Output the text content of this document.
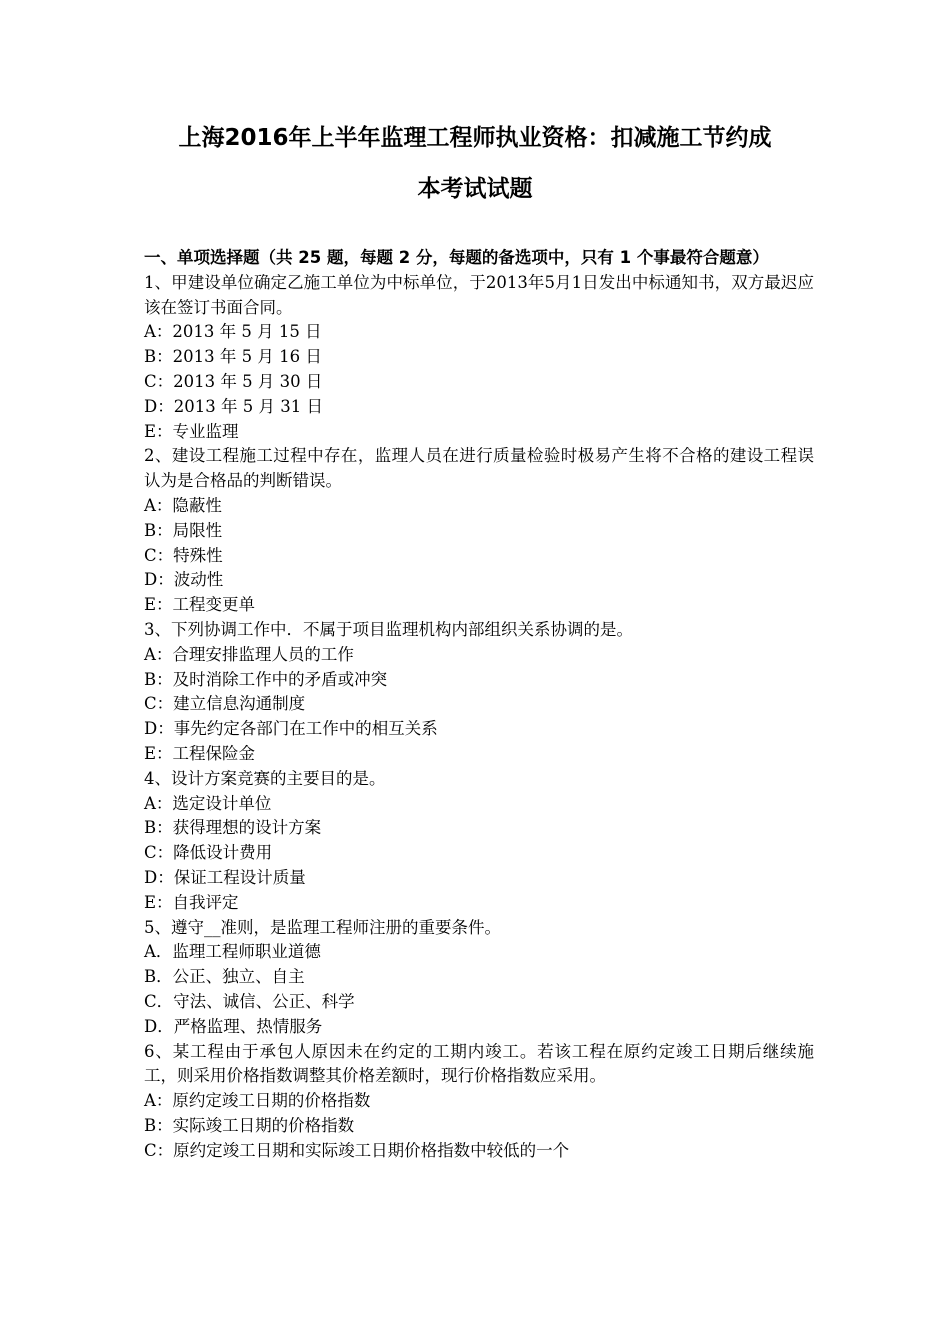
上海2016年上半年监理工程师执业资格：扣减施工节约成
本考试试题
一、单项选择题（共 25 题，每题 2 分，每题的备选项中，只有 1 个事最符合题意）
1、甲建设单位确定乙施工单位为中标单位，于2013年5月1日发出中标通知书，双方最迟应该在签订书面合同。
A：2013 年 5 月 15 日
B：2013 年 5 月 16 日
C：2013 年 5 月 30 日
D：2013 年 5 月 31 日
E：专业监理
2、建设工程施工过程中存在，监理人员在进行质量检验时极易产生将不合格的建设工程误认为是合格品的判断错误。
A：隐蔽性
B：局限性
C：特殊性
D：波动性
E：工程变更单
3、下列协调工作中．不属于项目监理机构内部组织关系协调的是。
A：合理安排监理人员的工作
B：及时消除工作中的矛盾或冲突
C：建立信息沟通制度
D：事先约定各部门在工作中的相互关系
E：工程保险金
4、设计方案竞赛的主要目的是。
A：选定设计单位
B：获得理想的设计方案
C：降低设计费用
D：保证工程设计质量
E：自我评定
5、遵守__准则，是监理工程师注册的重要条件。
A．监理工程师职业道德
B．公正、独立、自主
C．守法、诚信、公正、科学
D．严格监理、热情服务
6、某工程由于承包人原因未在约定的工期内竣工。若该工程在原约定竣工日期后继续施工，则采用价格指数调整其价格差额时，现行价格指数应采用。
A：原约定竣工日期的价格指数
B：实际竣工日期的价格指数
C：原约定竣工日期和实际竣工日期价格指数中较低的一个
